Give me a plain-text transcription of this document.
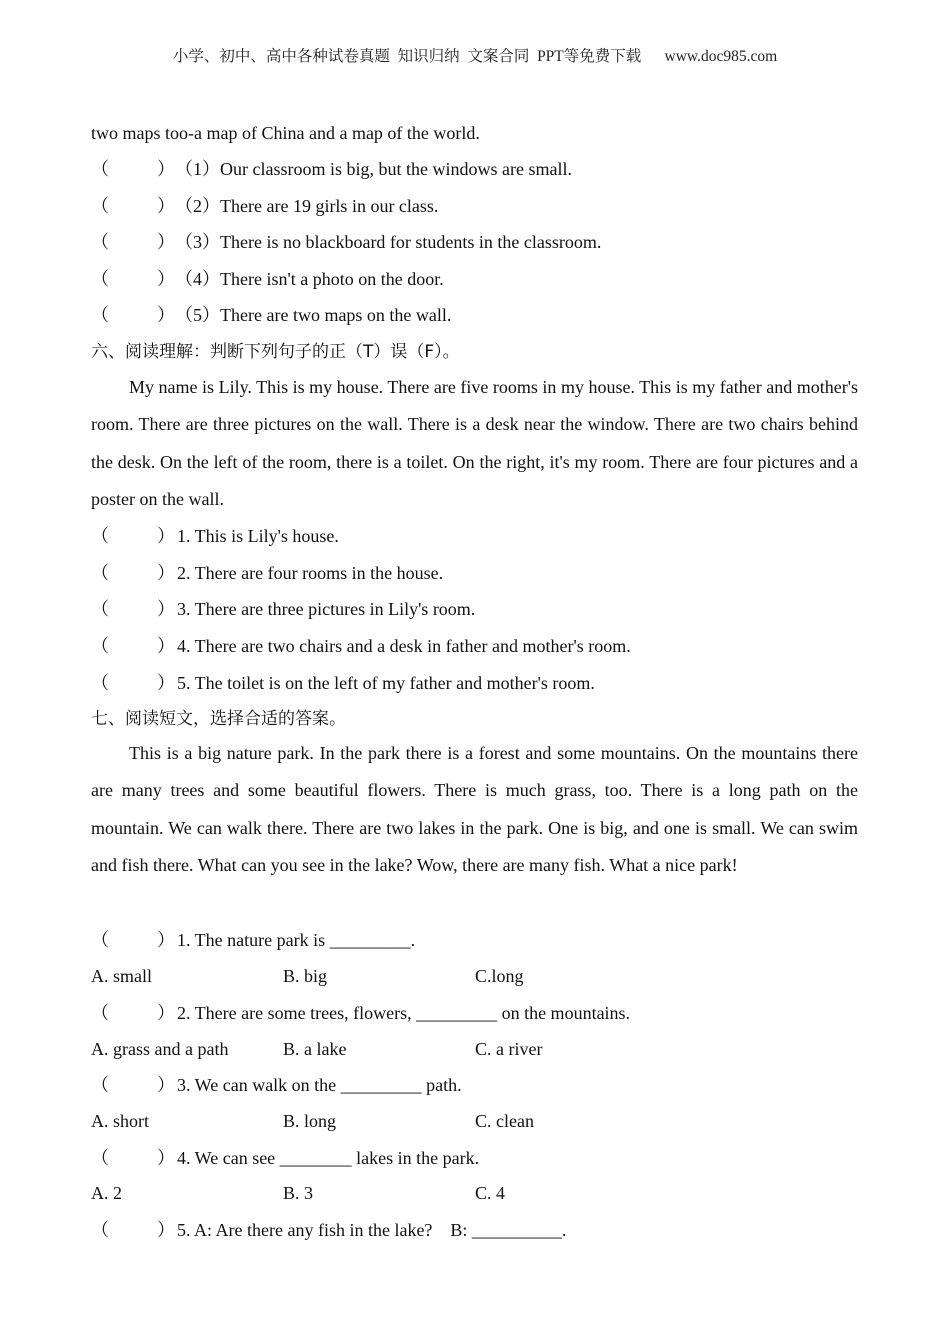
小学、初中、高中各种试卷真题  知识归纳  文案合同  PPT等免费下载      www.doc985.com
two maps too-a map of China and a map of the world.
（	） （1）Our classroom is big, but the windows are small.
（	） （2）There are 19 girls in our class.
（	） （3）There is no blackboard for students in the classroom.
（	） （4）There isn't a photo on the door.
（	） （5）There are two maps on the wall.
六、阅读理解：判断下列句子的正（T）误（F）。
My name is Lily. This is my house. There are five rooms in my house. This is my father and mother's room. There are three pictures on the wall. There is a desk near the window. There are two chairs behind the desk. On the left of the room, there is a toilet. On the right, it's my room. There are four pictures and a poster on the wall.
（	） 1. This is Lily's house.
（	） 2. There are four rooms in the house.
（	） 3. There are three pictures in Lily's room.
（	） 4. There are two chairs and a desk in father and mother's room.
（	） 5. The toilet is on the left of my father and mother's room.
七、阅读短文，选择合适的答案。
This is a big nature park. In the park there is a forest and some mountains. On the mountains there are many trees and some beautiful flowers. There is much grass, too. There is a long path on the mountain. We can walk there. There are two lakes in the park. One is big, and one is small. We can swim and fish there. What can you see in the lake? Wow, there are many fish. What a nice park!
（	） 1. The nature park is _________.
A. small	B. big	C.long
（	） 2. There are some trees, flowers, _________ on the mountains.
A. grass and a path	B. a lake	C. a river
（	） 3. We can walk on the _________ path.
A. short	B. long	C. clean
（	） 4. We can see ________ lakes in the park.
A. 2	B. 3	C. 4
（	） 5. A: Are there any fish in the lake?    B: __________.
